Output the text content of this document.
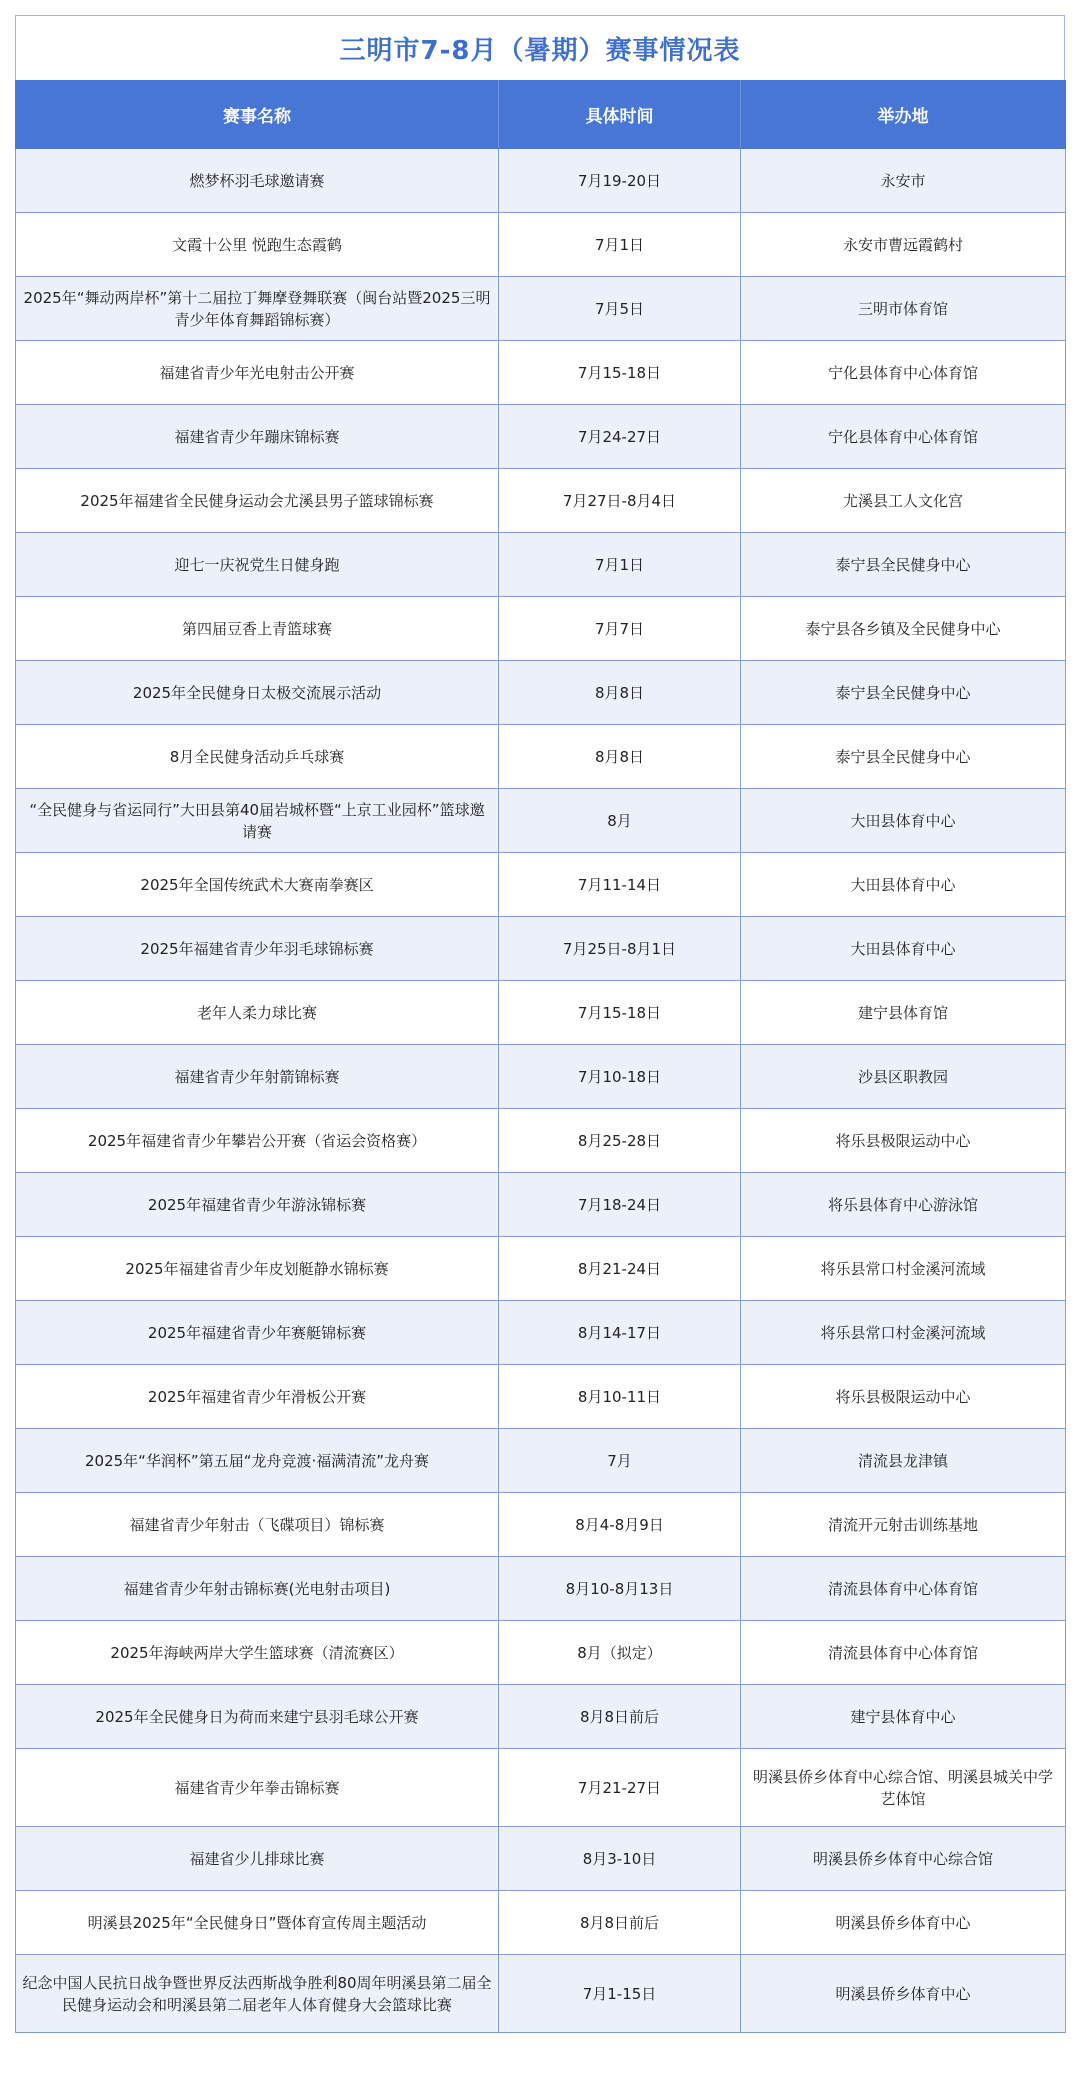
三明市7-8月（暑期）赛事情况表
赛事名称	具体时间	举办地
燃梦杯羽毛球邀请赛	7月19-20日	永安市
文霞十公里 悦跑生态霞鹤	7月1日	永安市曹远霞鹤村
2025年“舞动两岸杯”第十二届拉丁舞摩登舞联赛（闽台站暨2025三明青少年体育舞蹈锦标赛）	7月5日	三明市体育馆
福建省青少年光电射击公开赛	7月15-18日	宁化县体育中心体育馆
福建省青少年蹦床锦标赛	7月24-27日	宁化县体育中心体育馆
2025年福建省全民健身运动会尤溪县男子篮球锦标赛	7月27日-8月4日	尤溪县工人文化宫
迎七一庆祝党生日健身跑	7月1日	泰宁县全民健身中心
第四届豆香上青篮球赛	7月7日	泰宁县各乡镇及全民健身中心
2025年全民健身日太极交流展示活动	8月8日	泰宁县全民健身中心
8月全民健身活动乒乓球赛	8月8日	泰宁县全民健身中心
“全民健身与省运同行”大田县第40届岩城杯暨“上京工业园杯”篮球邀请赛	8月	大田县体育中心
2025年全国传统武术大赛南拳赛区	7月11-14日	大田县体育中心
2025年福建省青少年羽毛球锦标赛	7月25日-8月1日	大田县体育中心
老年人柔力球比赛	7月15-18日	建宁县体育馆
福建省青少年射箭锦标赛	7月10-18日	沙县区职教园
2025年福建省青少年攀岩公开赛（省运会资格赛）	8月25-28日	将乐县极限运动中心
2025年福建省青少年游泳锦标赛	7月18-24日	将乐县体育中心游泳馆
2025年福建省青少年皮划艇静水锦标赛	8月21-24日	将乐县常口村金溪河流域
2025年福建省青少年赛艇锦标赛	8月14-17日	将乐县常口村金溪河流域
2025年福建省青少年滑板公开赛	8月10-11日	将乐县极限运动中心
2025年“华润杯”第五届“龙舟竞渡·福满清流”龙舟赛	7月	清流县龙津镇
福建省青少年射击（飞碟项目）锦标赛	8月4-8月9日	清流开元射击训练基地
福建省青少年射击锦标赛(光电射击项目)	8月10-8月13日	清流县体育中心体育馆
2025年海峡两岸大学生篮球赛（清流赛区）	8月（拟定）	清流县体育中心体育馆
2025年全民健身日为荷而来建宁县羽毛球公开赛	8月8日前后	建宁县体育中心
福建省青少年拳击锦标赛	7月21-27日	明溪县侨乡体育中心综合馆、明溪县城关中学艺体馆
福建省少儿排球比赛	8月3-10日	明溪县侨乡体育中心综合馆
明溪县2025年“全民健身日”暨体育宣传周主题活动	8月8日前后	明溪县侨乡体育中心
纪念中国人民抗日战争暨世界反法西斯战争胜利80周年明溪县第二届全民健身运动会和明溪县第二届老年人体育健身大会篮球比赛	7月1-15日	明溪县侨乡体育中心
